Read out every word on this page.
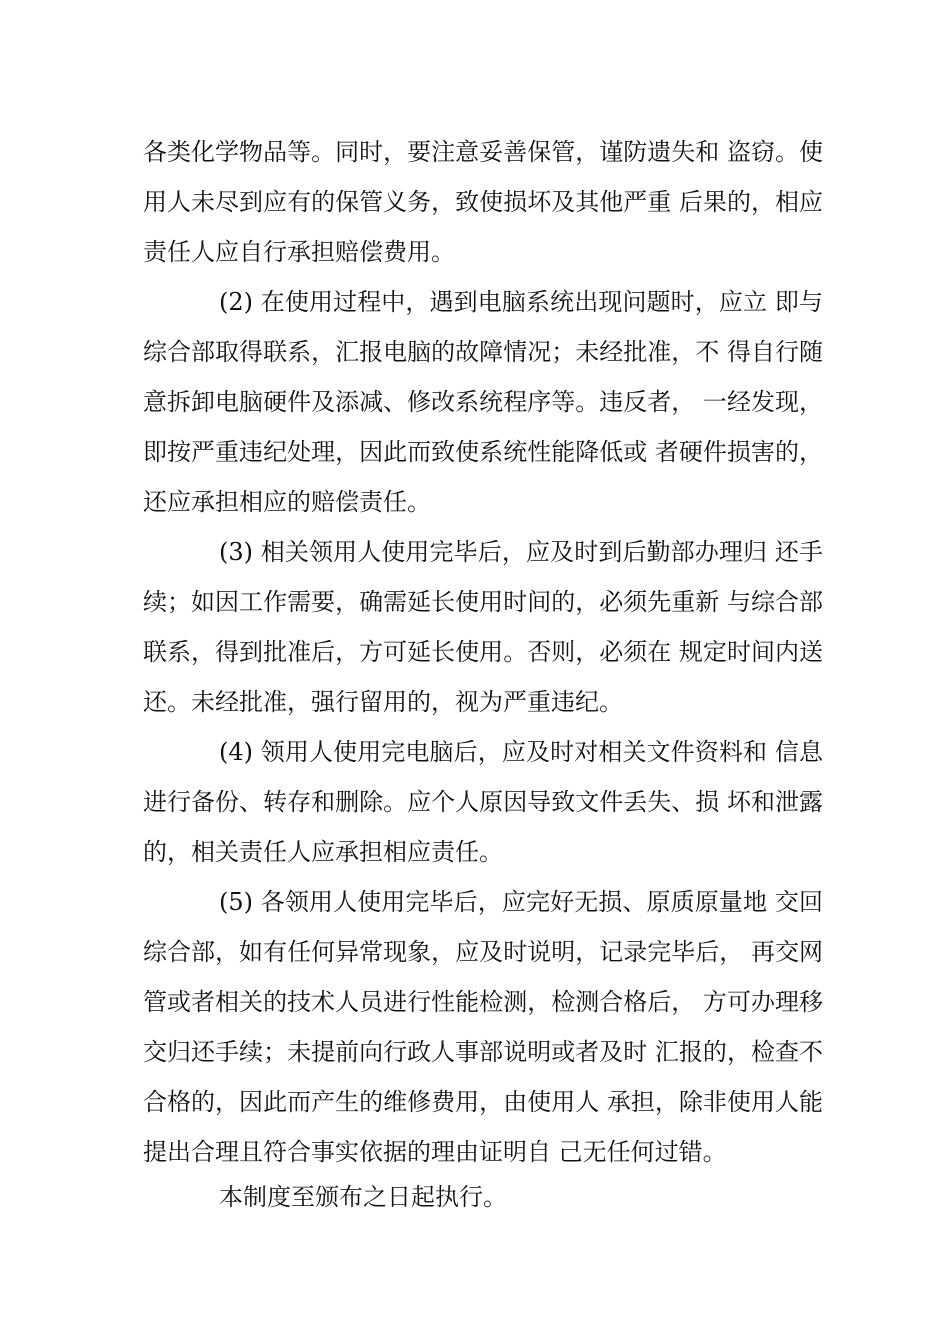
各类化学物品等。同时，要注意妥善保管，谨防遗失和 盗窃。使
用人未尽到应有的保管义务，致使损坏及其他严重 后果的，相应
责任人应自行承担赔偿费用。
(2) 在使用过程中，遇到电脑系统出现问题时，应立 即与
综合部取得联系，汇报电脑的故障情况；未经批准，不 得自行随
意拆卸电脑硬件及添减、修改系统程序等。违反者， 一经发现，
即按严重违纪处理，因此而致使系统性能降低或 者硬件损害的，
还应承担相应的赔偿责任。
(3) 相关领用人使用完毕后，应及时到后勤部办理归 还手
续；如因工作需要，确需延长使用时间的，必须先重新 与综合部
联系，得到批准后，方可延长使用。否则，必须在 规定时间内送
还。未经批准，强行留用的，视为严重违纪。
(4) 领用人使用完电脑后，应及时对相关文件资料和 信息
进行备份、转存和删除。应个人原因导致文件丢失、损 坏和泄露
的，相关责任人应承担相应责任。
(5) 各领用人使用完毕后，应完好无损、原质原量地 交回
综合部，如有任何异常现象，应及时说明，记录完毕后， 再交网
管或者相关的技术人员进行性能检测，检测合格后， 方可办理移
交归还手续；未提前向行政人事部说明或者及时 汇报的，检查不
合格的，因此而产生的维修费用，由使用人 承担，除非使用人能
提出合理且符合事实依据的理由证明自 己无任何过错。
本制度至颁布之日起执行。
